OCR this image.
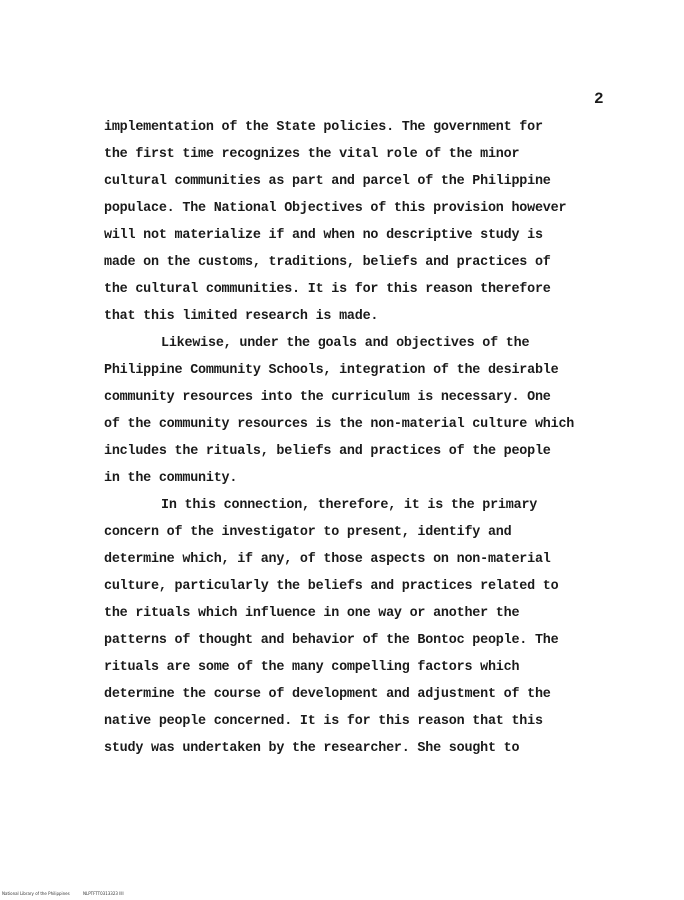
2
implementation of the State policies. The government for
the first time recognizes the vital role of the minor
cultural communities as part and parcel of the Philippine
populace. The National Objectives of this provision however
will not materialize if and when no descriptive study is
made on the customs, traditions, beliefs and practices of
the cultural communities. It is for this reason therefore
that this limited research is made.
Likewise, under the goals and objectives of the
Philippine Community Schools, integration of the desirable
community resources into the curriculum is necessary. One
of the community resources is the non-material culture which
includes the rituals, beliefs and practices of the people
in the community.
In this connection, therefore, it is the primary
concern of the investigator to present, identify and
determine which, if any, of those aspects on non-material
culture, particularly the beliefs and practices related to
the rituals which influence in one way or another the
patterns of thought and behavior of the Bontoc people. The
rituals are some of the many compelling factors which
determine the course of development and adjustment of the
native people concerned. It is for this reason that this
study was undertaken by the researcher. She sought to
National Library of the Philippines	NLPTFTT0313323 llll
